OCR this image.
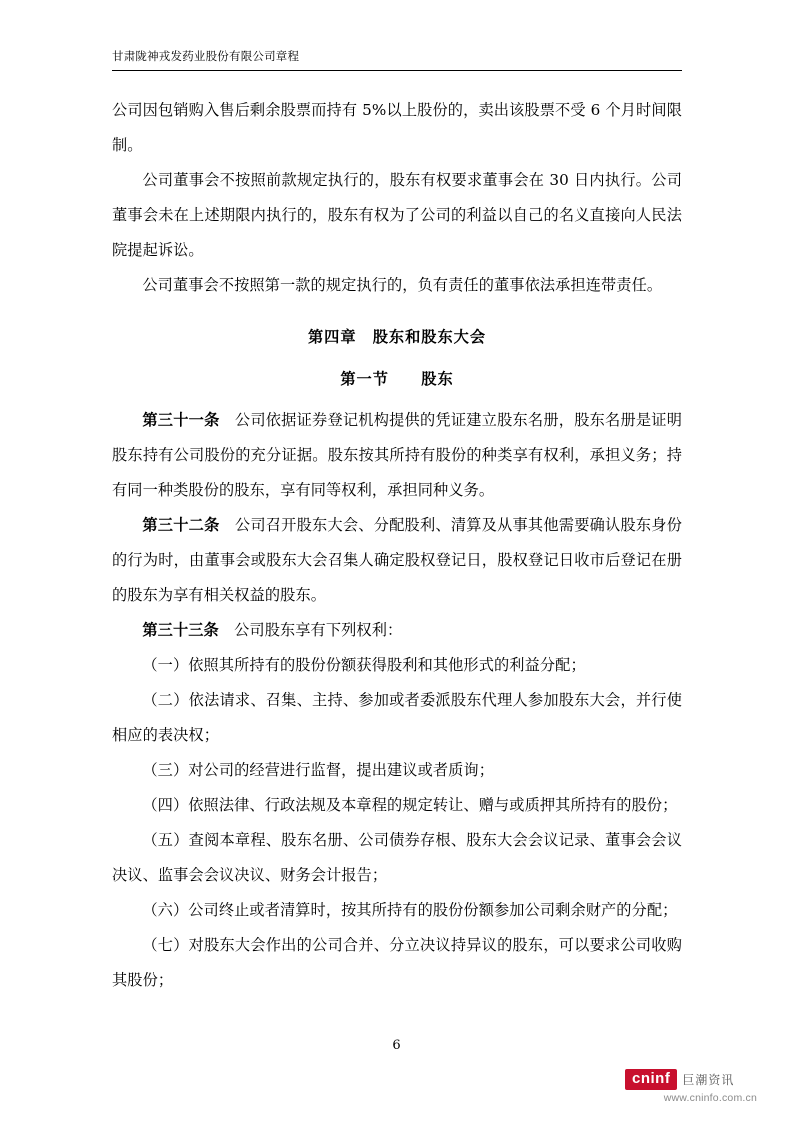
甘肃陇神戎发药业股份有限公司章程

公司因包销购入售后剩余股票而持有 5%以上股份的，卖出该股票不受 6 个月时间限制。

公司董事会不按照前款规定执行的，股东有权要求董事会在 30 日内执行。公司董事会未在上述期限内执行的，股东有权为了公司的利益以自己的名义直接向人民法院提起诉讼。

公司董事会不按照第一款的规定执行的，负有责任的董事依法承担连带责任。

第四章　股东和股东大会

第一节　　股东

第三十一条　公司依据证券登记机构提供的凭证建立股东名册，股东名册是证明股东持有公司股份的充分证据。股东按其所持有股份的种类享有权利，承担义务；持有同一种类股份的股东，享有同等权利，承担同种义务。

第三十二条　公司召开股东大会、分配股利、清算及从事其他需要确认股东身份的行为时，由董事会或股东大会召集人确定股权登记日，股权登记日收市后登记在册的股东为享有相关权益的股东。

第三十三条　公司股东享有下列权利：

（一）依照其所持有的股份份额获得股利和其他形式的利益分配；

（二）依法请求、召集、主持、参加或者委派股东代理人参加股东大会，并行使相应的表决权；

（三）对公司的经营进行监督，提出建议或者质询；

（四）依照法律、行政法规及本章程的规定转让、赠与或质押其所持有的股份；

（五）查阅本章程、股东名册、公司债券存根、股东大会会议记录、董事会会议决议、监事会会议决议、财务会计报告；

（六）公司终止或者清算时，按其所持有的股份份额参加公司剩余财产的分配；

（七）对股东大会作出的公司合并、分立决议持异议的股东，可以要求公司收购其股份；

6
cninf	巨潮资讯
www.cninfo.com.cn
